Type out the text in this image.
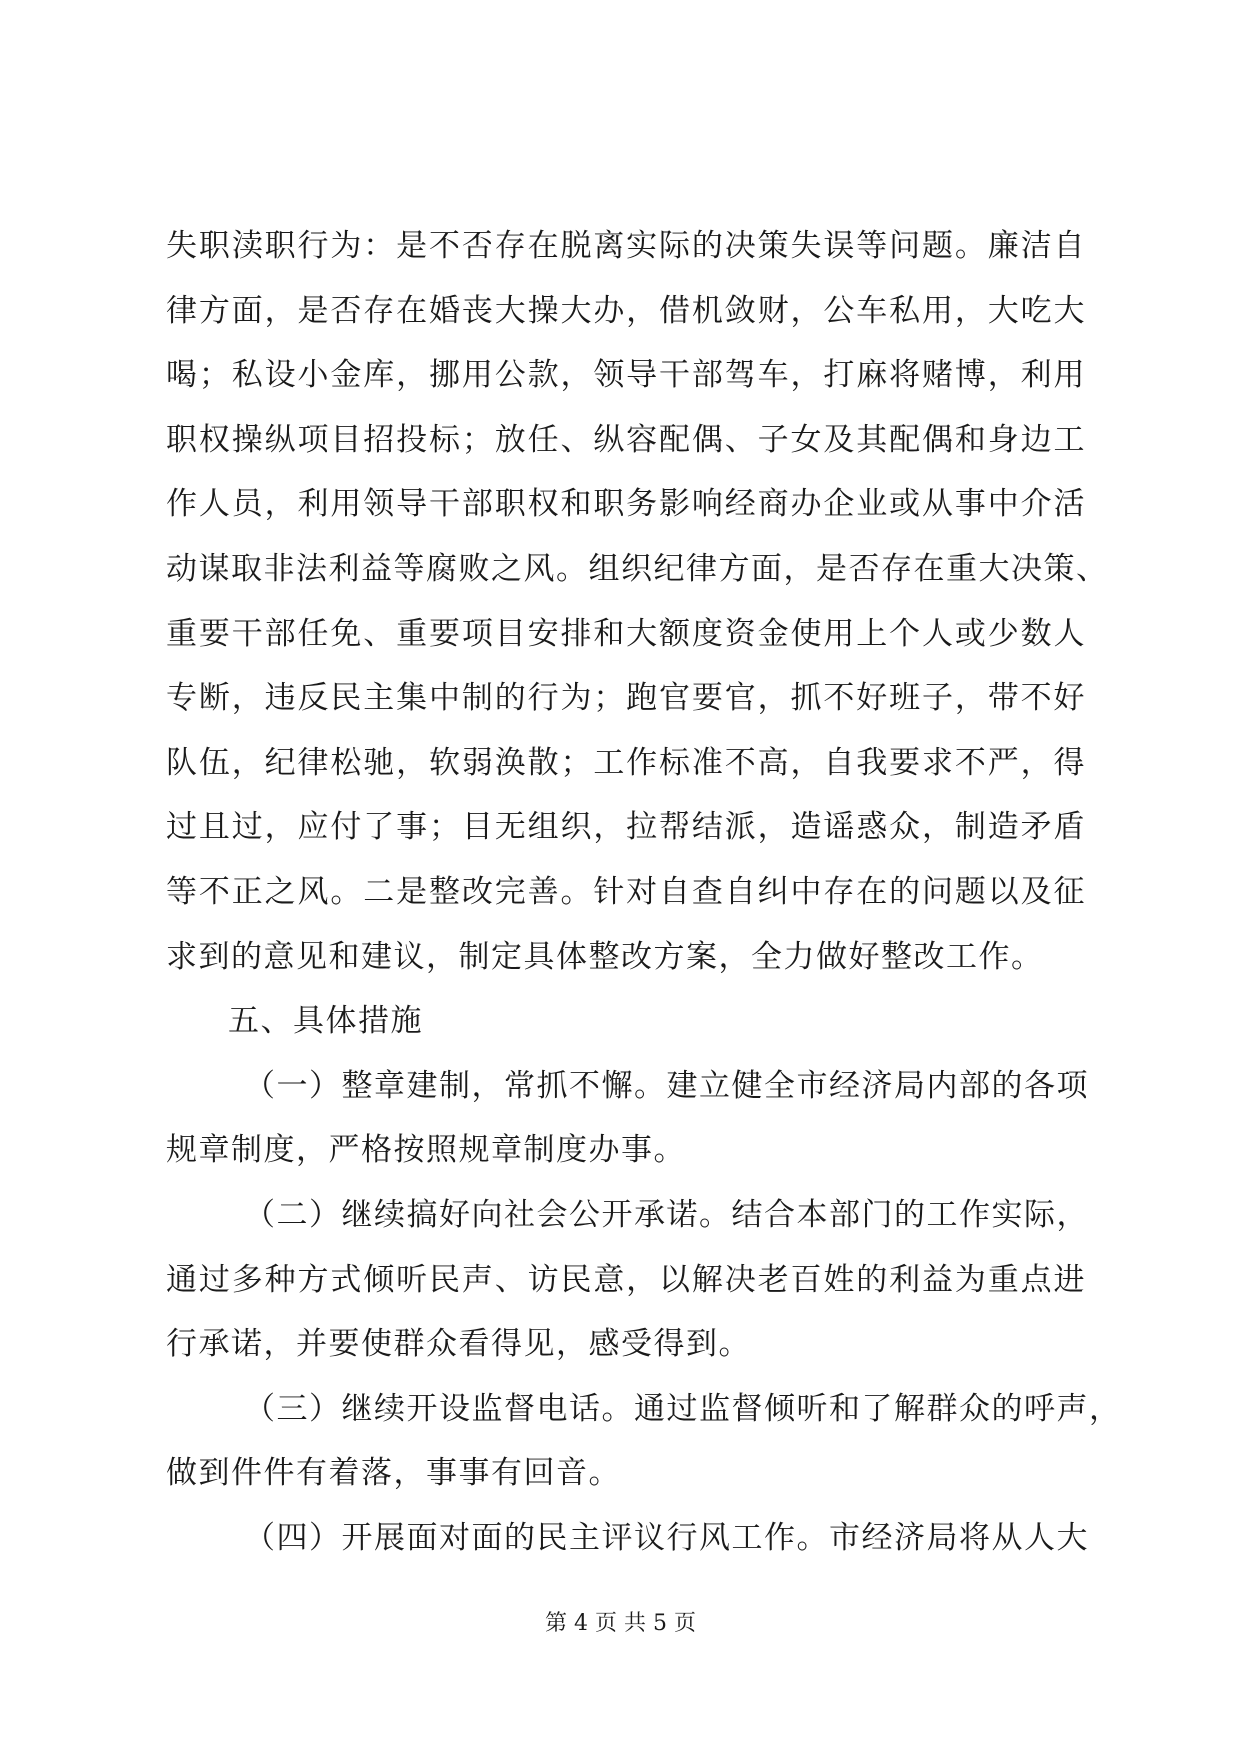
失职渎职行为：是不否存在脱离实际的决策失误等问题。廉洁自
律方面，是否存在婚丧大操大办，借机敛财，公车私用，大吃大
喝；私设小金库，挪用公款，领导干部驾车，打麻将赌博，利用
职权操纵项目招投标；放任、纵容配偶、子女及其配偶和身边工
作人员，利用领导干部职权和职务影响经商办企业或从事中介活
动谋取非法利益等腐败之风。组织纪律方面，是否存在重大决策、
重要干部任免、重要项目安排和大额度资金使用上个人或少数人
专断，违反民主集中制的行为；跑官要官，抓不好班子，带不好
队伍，纪律松驰，软弱涣散；工作标准不高，自我要求不严，得
过且过，应付了事；目无组织，拉帮结派，造谣惑众，制造矛盾
等不正之风。二是整改完善。针对自查自纠中存在的问题以及征
求到的意见和建议，制定具体整改方案，全力做好整改工作。
五、具体措施
（一）整章建制，常抓不懈。建立健全市经济局内部的各项
规章制度，严格按照规章制度办事。
（二）继续搞好向社会公开承诺。结合本部门的工作实际，
通过多种方式倾听民声、访民意，以解决老百姓的利益为重点进
行承诺，并要使群众看得见，感受得到。
（三）继续开设监督电话。通过监督倾听和了解群众的呼声，
做到件件有着落，事事有回音。
（四）开展面对面的民主评议行风工作。市经济局将从人大
第 4 页 共 5 页
